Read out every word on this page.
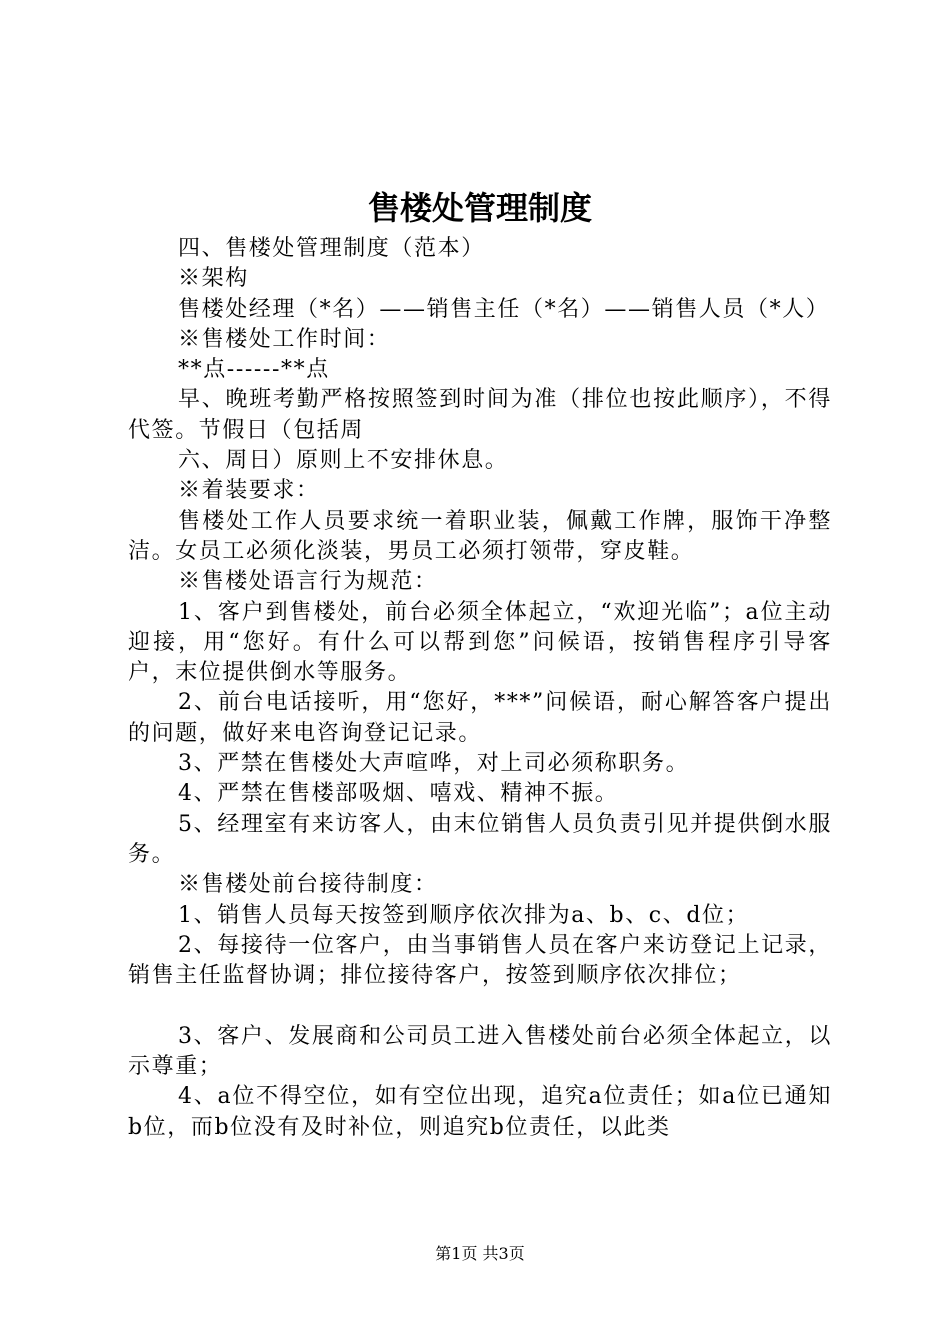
售楼处管理制度

四、售楼处管理制度（范本）

※架构

售楼处经理（*名）——销售主任（*名）——销售人员（*人）

※售楼处工作时间：

**点------**点

早、晚班考勤严格按照签到时间为准（排位也按此顺序），不得代签。节假日（包括周

六、周日）原则上不安排休息。

※着装要求：

售楼处工作人员要求统一着职业装，佩戴工作牌，服饰干净整洁。女员工必须化淡装，男员工必须打领带，穿皮鞋。

※售楼处语言行为规范：

1、客户到售楼处，前台必须全体起立，“欢迎光临”；a位主动迎接，用“您好。有什么可以帮到您”问候语，按销售程序引导客户，末位提供倒水等服务。

2、前台电话接听，用“您好，***”问候语，耐心解答客户提出的问题，做好来电咨询登记记录。

3、严禁在售楼处大声喧哗，对上司必须称职务。

4、严禁在售楼部吸烟、嘻戏、精神不振。

5、经理室有来访客人，由末位销售人员负责引见并提供倒水服务。

※售楼处前台接待制度：

1、销售人员每天按签到顺序依次排为a、b、c、d位；

2、每接待一位客户，由当事销售人员在客户来访登记上记录，销售主任监督协调；排位接待客户，按签到顺序依次排位；

3、客户、发展商和公司员工进入售楼处前台必须全体起立，以示尊重；

4、a位不得空位，如有空位出现，追究a位责任；如a位已通知b位，而b位没有及时补位，则追究b位责任，以此类

第1页 共3页
